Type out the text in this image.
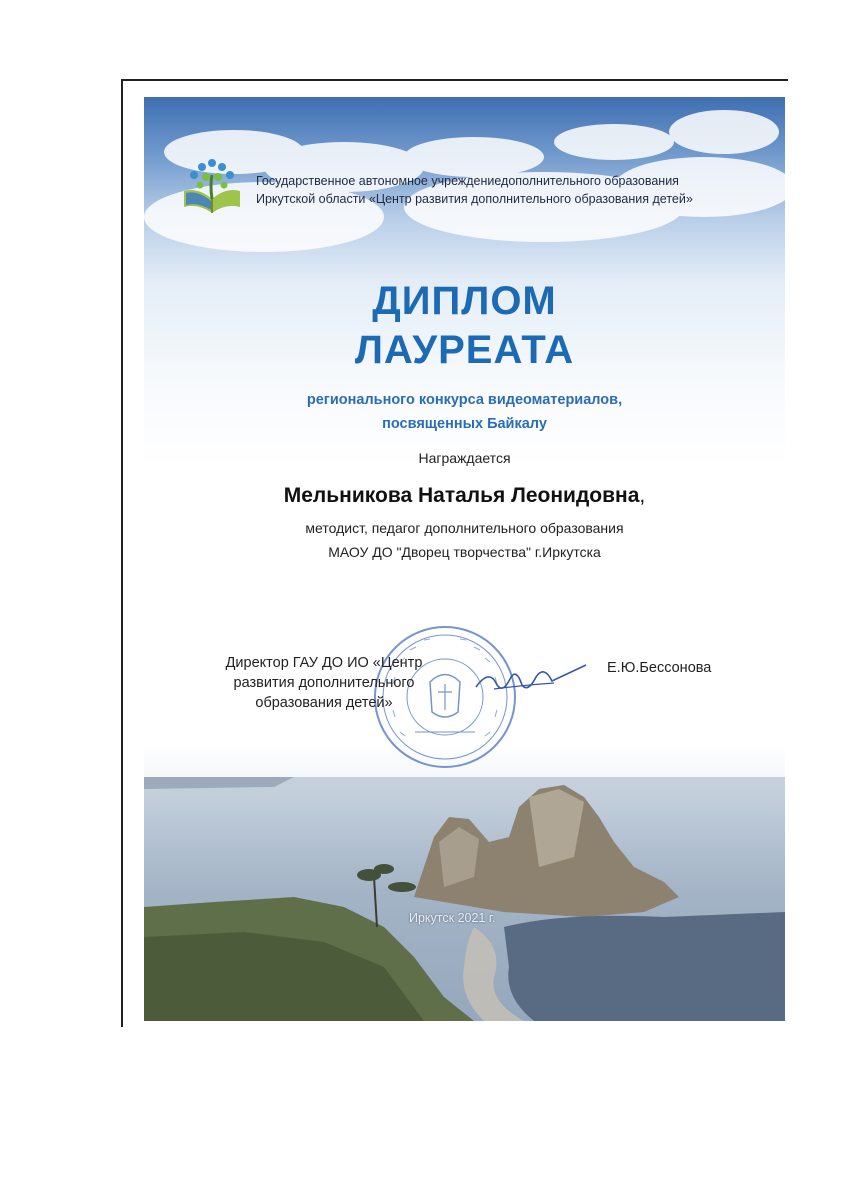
Государственное автономное учреждениедополнительного образования
Иркутской области «Центр развития дополнительного образования детей»
ДИПЛОМ
ЛАУРЕАТА
регионального конкурса видеоматериалов,
посвященных Байкалу
Награждается
Мельникова Наталья Леонидовна,
методист, педагог дополнительного образования
МАОУ ДО "Дворец творчества" г.Иркутска
Директор ГАУ ДО ИО «Центр
развития дополнительного
образования детей»
Е.Ю.Бессонова
Иркутск 2021 г.
